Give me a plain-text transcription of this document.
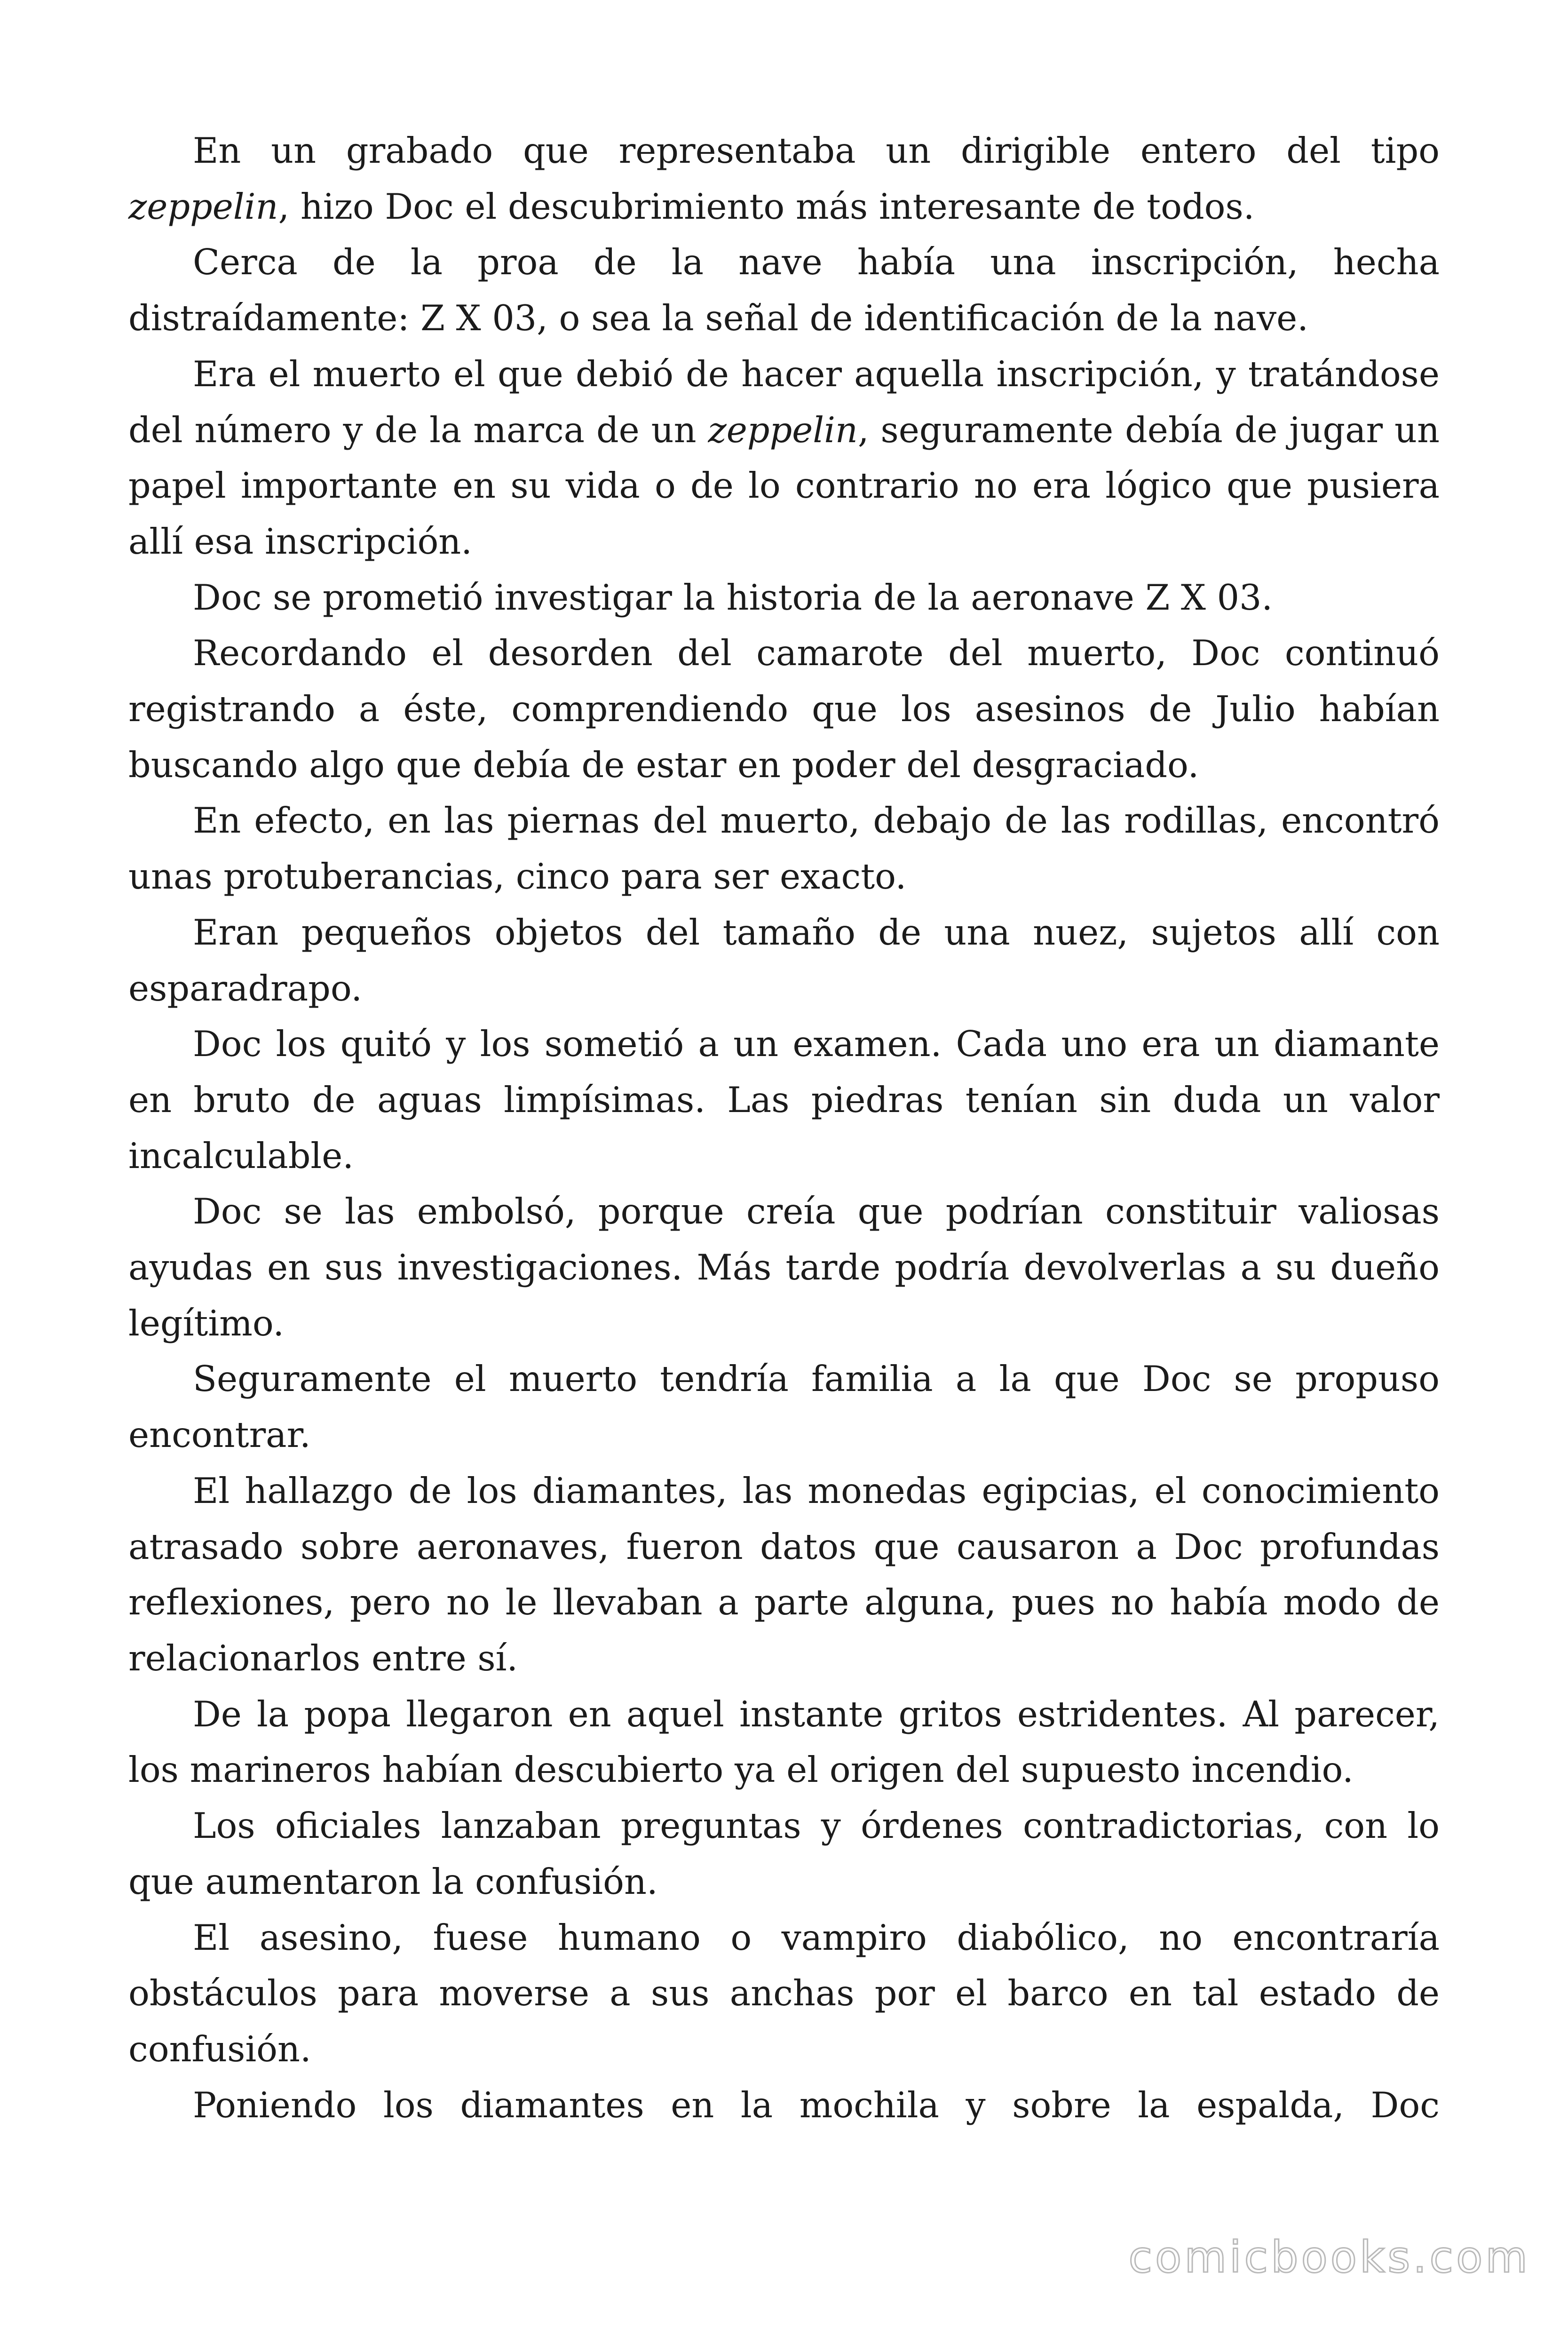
En un grabado que representaba un dirigible entero del tipo zeppelin, hizo Doc el descubrimiento más interesante de todos.

Cerca de la proa de la nave había una inscripción, hecha distraídamente: Z X 03, o sea la señal de identificación de la nave.

Era el muerto el que debió de hacer aquella inscripción, y tratándose del número y de la marca de un zeppelin, seguramente debía de jugar un papel importante en su vida o de lo contrario no era lógico que pusiera allí esa inscripción.

Doc se prometió investigar la historia de la aeronave Z X 03.

Recordando el desorden del camarote del muerto, Doc continuó registrando a éste, comprendiendo que los asesinos de Julio habían buscando algo que debía de estar en poder del desgraciado.

En efecto, en las piernas del muerto, debajo de las rodillas, encontró unas protuberancias, cinco para ser exacto.

Eran pequeños objetos del tamaño de una nuez, sujetos allí con esparadrapo.

Doc los quitó y los sometió a un examen. Cada uno era un diamante en bruto de aguas limpísimas. Las piedras tenían sin duda un valor incalculable.

Doc se las embolsó, porque creía que podrían constituir valiosas ayudas en sus investigaciones. Más tarde podría devolverlas a su dueño legítimo.

Seguramente el muerto tendría familia a la que Doc se propuso encontrar.

El hallazgo de los diamantes, las monedas egipcias, el conocimiento atrasado sobre aeronaves, fueron datos que causaron a Doc profundas reflexiones, pero no le llevaban a parte alguna, pues no había modo de relacionarlos entre sí.

De la popa llegaron en aquel instante gritos estridentes. Al parecer, los marineros habían descubierto ya el origen del supuesto incendio.

Los oficiales lanzaban preguntas y órdenes contradictorias, con lo que aumentaron la confusión.

El asesino, fuese humano o vampiro diabólico, no encontraría obstáculos para moverse a sus anchas por el barco en tal estado de confusión.

Poniendo los diamantes en la mochila y sobre la espalda, Doc

comicbooks.com
